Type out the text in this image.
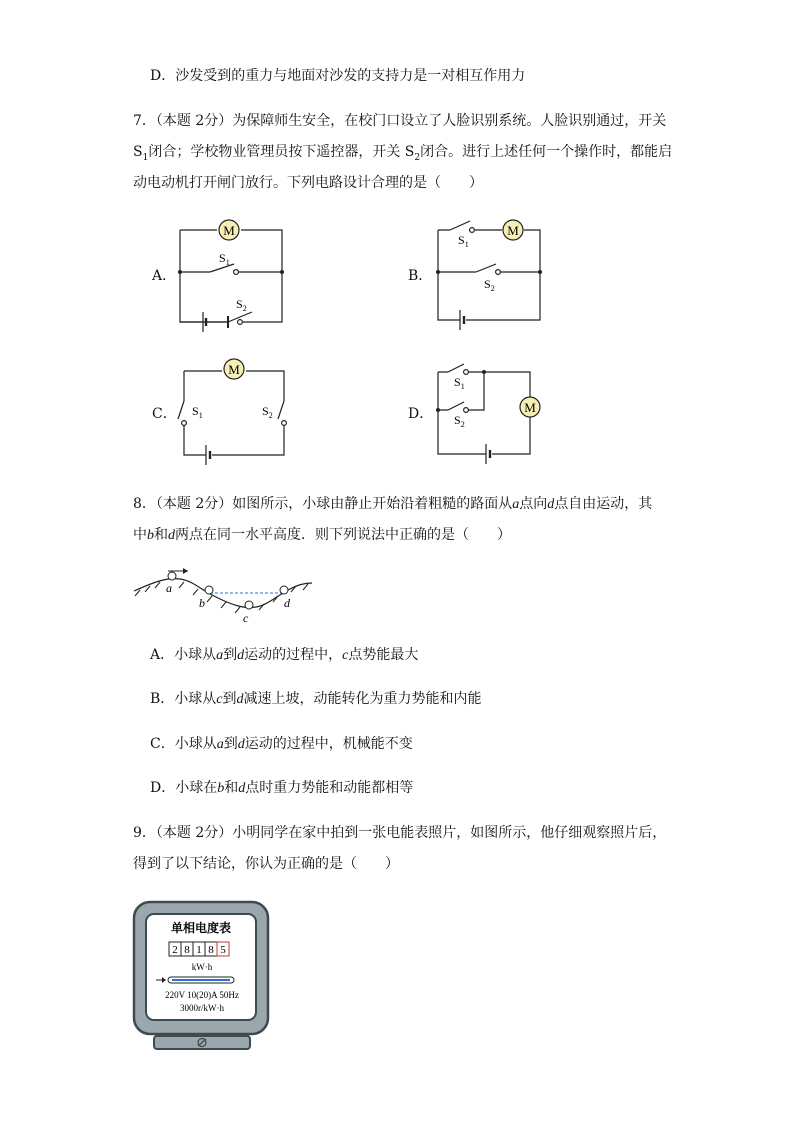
D．沙发受到的重力与地面对沙发的支持力是一对相互作用力
7．（本题 2分）为保障师生安全，在校门口设立了人脸识别系统。人脸识别通过，开关
$S_1$闭合；学校物业管理员按下遥控器，开关 $S_2$闭合。进行上述任何一个操作时，都能启
动电动机打开闸门放行。下列电路设计合理的是（　　）
A．
M
$S_1$
$S_2$
B．
M
$S_1$
$S_2$
C．
M
$S_1$	$S_2$	D．	M
$S_1$
$S_2$
8．（本题 2分）如图所示，小球由静止开始沿着粗糙的路面从a点向d点自由运动，其
中b和d两点在同一水平高度．则下列说法中正确的是（　　）
a
b
c
d
A．小球从a到d运动的过程中，c点势能最大
B．小球从c到d减速上坡，动能转化为重力势能和内能
C．小球从a到d运动的过程中，机械能不变
D．小球在b和d点时重力势能和动能都相等
9．（本题 2分）小明同学在家中拍到一张电能表照片，如图所示，他仔细观察照片后，
得到了以下结论，你认为正确的是（　　）
单相电度表
2 8 1 8 5
kW·h
220V 10(20)A 50Hz
3000r/kW·h
